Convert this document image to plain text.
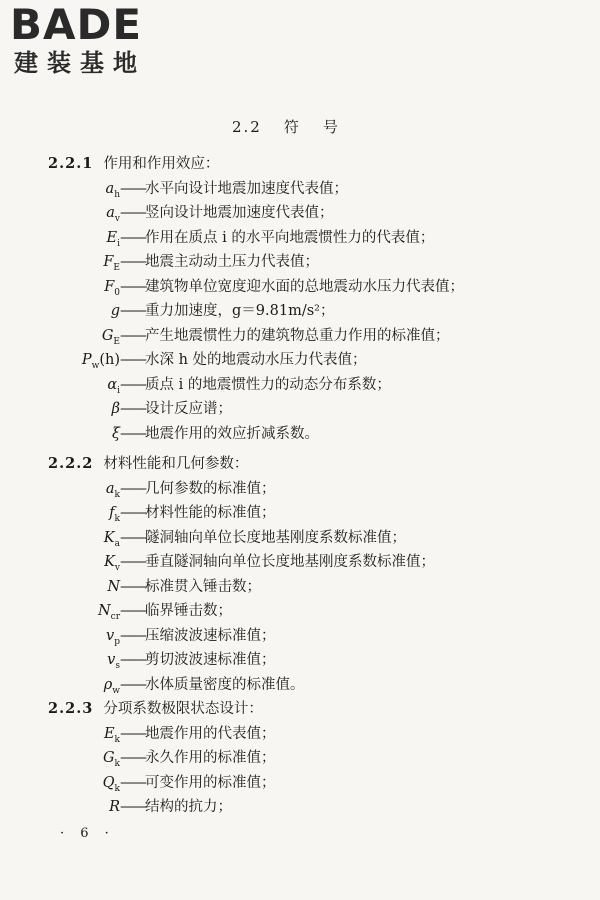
BADE
建装基地
2.2 符 号
2.2.1 作用和作用效应：
$a_h——$水平向设计地震加速度代表值；
$a_v——$竖向设计地震加速度代表值；
$E_i——$作用在质点 i 的水平向地震惯性力的代表值；
$F_E——$地震主动动土压力代表值；
$F_0——$建筑物单位宽度迎水面的总地震动水压力代表值；
g——重力加速度，g＝9.81m/s²；
$G_E——$产生地震惯性力的建筑物总重力作用的标准值；
$P_w(h)——$水深 h 处的地震动水压力代表值；
$\alpha_i——$质点 i 的地震惯性力的动态分布系数；
β——设计反应谱；
ξ——地震作用的效应折减系数。
2.2.2 材料性能和几何参数：
$a_k——$几何参数的标准值；
$f_k——$材料性能的标准值；
$K_a——$隧洞轴向单位长度地基刚度系数标准值；
$K_v——$垂直隧洞轴向单位长度地基刚度系数标准值；
N——标准贯入锤击数；
$N_{cr}——$临界锤击数；
$v_p——$压缩波波速标准值；
$v_s——$剪切波波速标准值；
$\rho_w——$水体质量密度的标准值。
2.2.3 分项系数极限状态设计：
$E_k——$地震作用的代表值；
$G_k——$永久作用的标准值；
$Q_k——$可变作用的标准值；
R——结构的抗力；
· 6 ·
